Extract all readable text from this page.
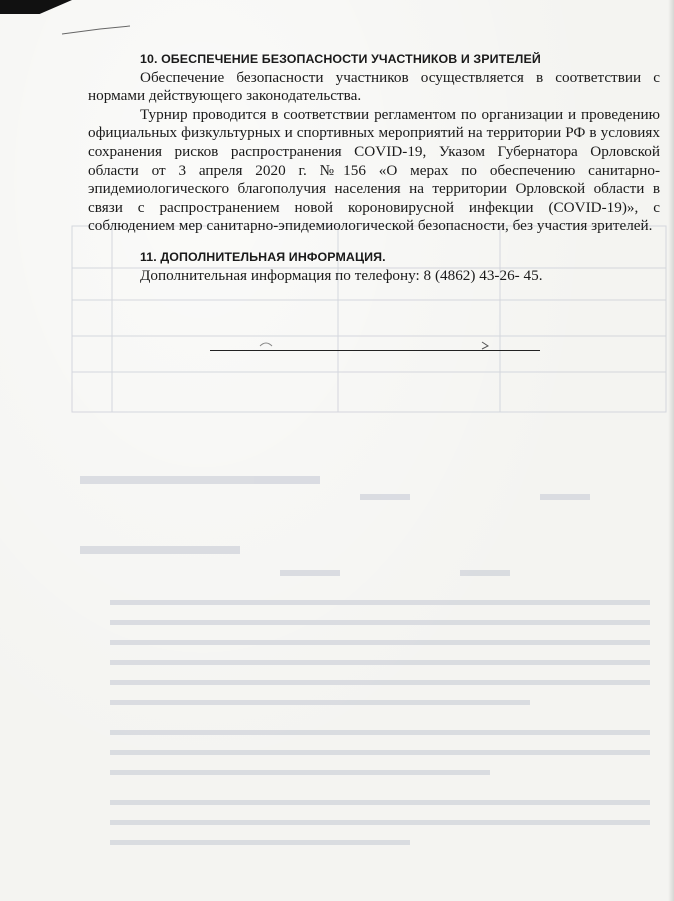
10. ОБЕСПЕЧЕНИЕ БЕЗОПАСНОСТИ УЧАСТНИКОВ И ЗРИТЕЛЕЙ

Обеспечение безопасности участников осуществляется в соответствии с нормами действующего законодательства.

Турнир проводится в соответствии регламентом по организации и проведению официальных физкультурных и спортивных мероприятий на территории РФ в условиях сохранения рисков распространения COVID-19, Указом Губернатора Орловской области от 3 апреля 2020 г. №156 «О мерах по обеспечению санитарно-эпидемиологического благополучия населения на территории Орловской области в связи с распространением новой короновирусной инфекции (COVID-19)», с соблюдением мер санитарно-эпидемиологической безопасности, без участия зрителей.

11. ДОПОЛНИТЕЛЬНАЯ ИНФОРМАЦИЯ.

Дополнительная информация по телефону: 8 (4862) 43-26- 45.
